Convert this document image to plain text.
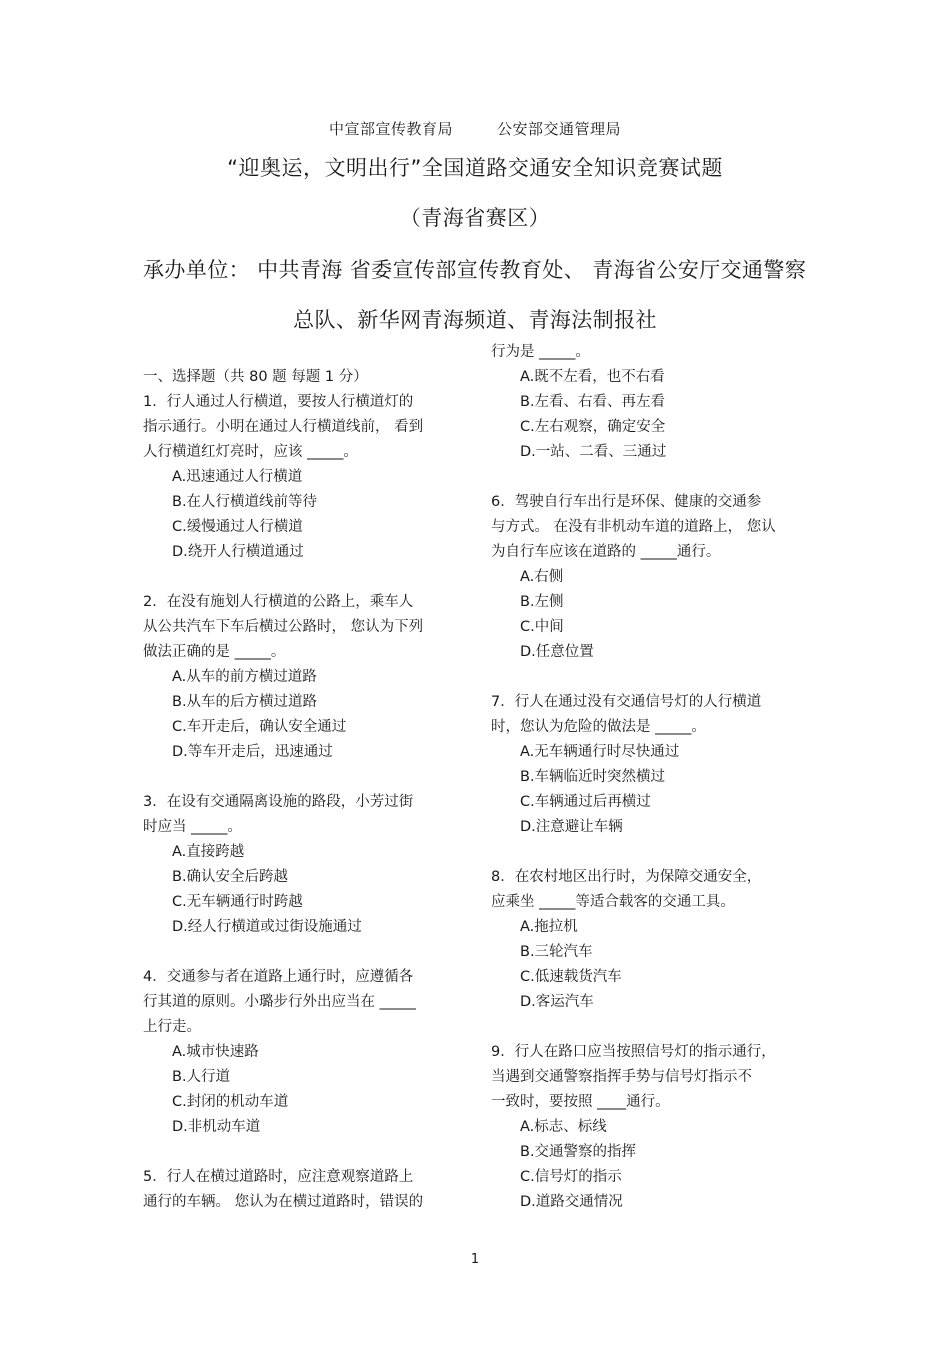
中宣部宣传教育局	公安部交通管理局
“迎奥运，文明出行”全国道路交通安全知识竞赛试题
（青海省赛区）
承办单位： 中共青海 省委宣传部宣传教育处、 青海省公安厅交通警察
总队、新华网青海频道、青海法制报社
一、选择题（共 80 题 每题 1 分）
1．行人通过人行横道，要按人行横道灯的
指示通行。小明在通过人行横道线前， 看到
人行横道红灯亮时，应该 _____。
A.迅速通过人行横道
B.在人行横道线前等待
C.缓慢通过人行横道
D.绕开人行横道通过
2．在没有施划人行横道的公路上，乘车人
从公共汽车下车后横过公路时， 您认为下列
做法正确的是 _____。
A.从车的前方横过道路
B.从车的后方横过道路
C.车开走后，确认安全通过
D.等车开走后，迅速通过
3．在设有交通隔离设施的路段，小芳过街
时应当 _____。
A.直接跨越
B.确认安全后跨越
C.无车辆通行时跨越
D.经人行横道或过街设施通过
4．交通参与者在道路上通行时，应遵循各
行其道的原则。小璐步行外出应当在 _____
上行走。
A.城市快速路
B.人行道
C.封闭的机动车道
D.非机动车道
5．行人在横过道路时，应注意观察道路上
通行的车辆。 您认为在横过道路时，错误的
行为是 _____。
A.既不左看，也不右看
B.左看、右看、再左看
C.左右观察，确定安全
D.一站、二看、三通过
6．驾驶自行车出行是环保、健康的交通参
与方式。 在没有非机动车道的道路上， 您认
为自行车应该在道路的 _____通行。
A.右侧
B.左侧
C.中间
D.任意位置
7．行人在通过没有交通信号灯的人行横道
时，您认为危险的做法是 _____。
A.无车辆通行时尽快通过
B.车辆临近时突然横过
C.车辆通过后再横过
D.注意避让车辆
8．在农村地区出行时，为保障交通安全，
应乘坐 _____等适合载客的交通工具。
A.拖拉机
B.三轮汽车
C.低速载货汽车
D.客运汽车
9．行人在路口应当按照信号灯的指示通行，
当遇到交通警察指挥手势与信号灯指示不
一致时，要按照 ____通行。
A.标志、标线
B.交通警察的指挥
C.信号灯的指示
D.道路交通情况
1
